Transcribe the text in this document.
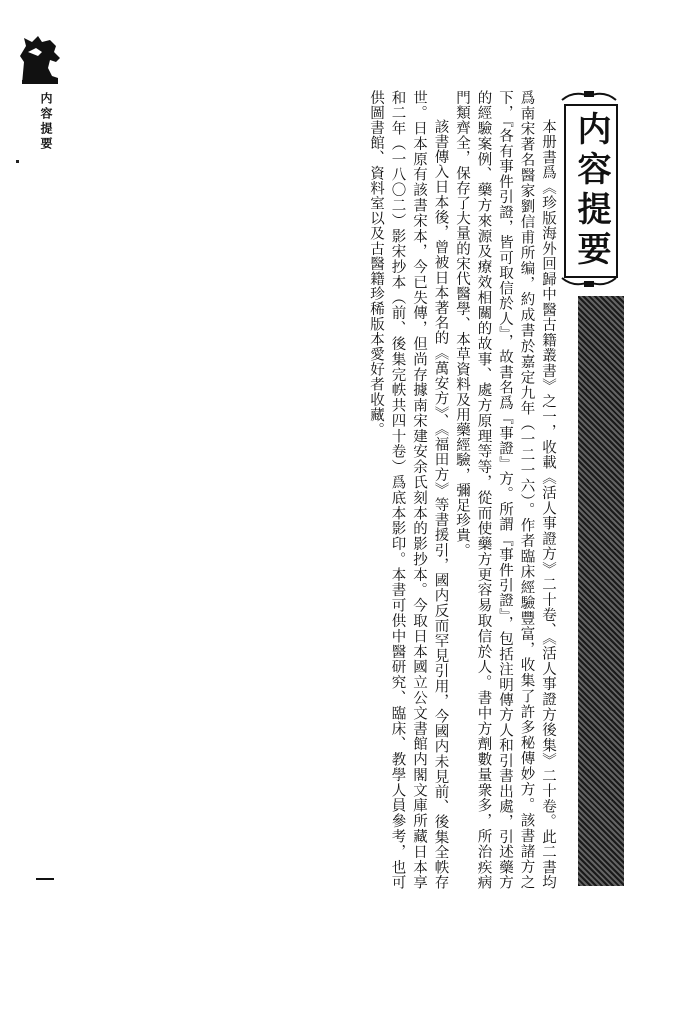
内容提要	内容提要

本册書爲《珍版海外回歸中醫古籍叢書》之一，收載《活人事證方》二十卷、《活人事證方後集》二十卷。此二書均爲南宋著名醫家劉信甫所编，約成書於嘉定九年（一二一六）。作者臨床經驗豐富，收集了許多秘傳妙方。該書諸方之下，『各有事件引證，皆可取信於人』，故書名爲『事證』方。所謂『事件引證』，包括注明傳方人和引書出處，引述藥方的經驗案例、藥方來源及療效相關的故事、處方原理等等，從而使藥方更容易取信於人。書中方劑數量衆多，所治疾病門類齊全，保存了大量的宋代醫學、本草資料及用藥經驗，彌足珍貴。

該書傳入日本後，曾被日本著名的《萬安方》、《福田方》等書援引，國内反而罕見引用，今國内未見前、後集全帙存世。日本原有該書宋本，今已失傳，但尚存據南宋建安余氏刻本的影抄本。今取日本國立公文書館内閣文庫所藏日本享和二年（一八〇二）影宋抄本（前、後集完帙共四十卷）爲底本影印。本書可供中醫研究、臨床、教學人員參考，也可供圖書館、資料室以及古醫籍珍稀版本愛好者收藏。
